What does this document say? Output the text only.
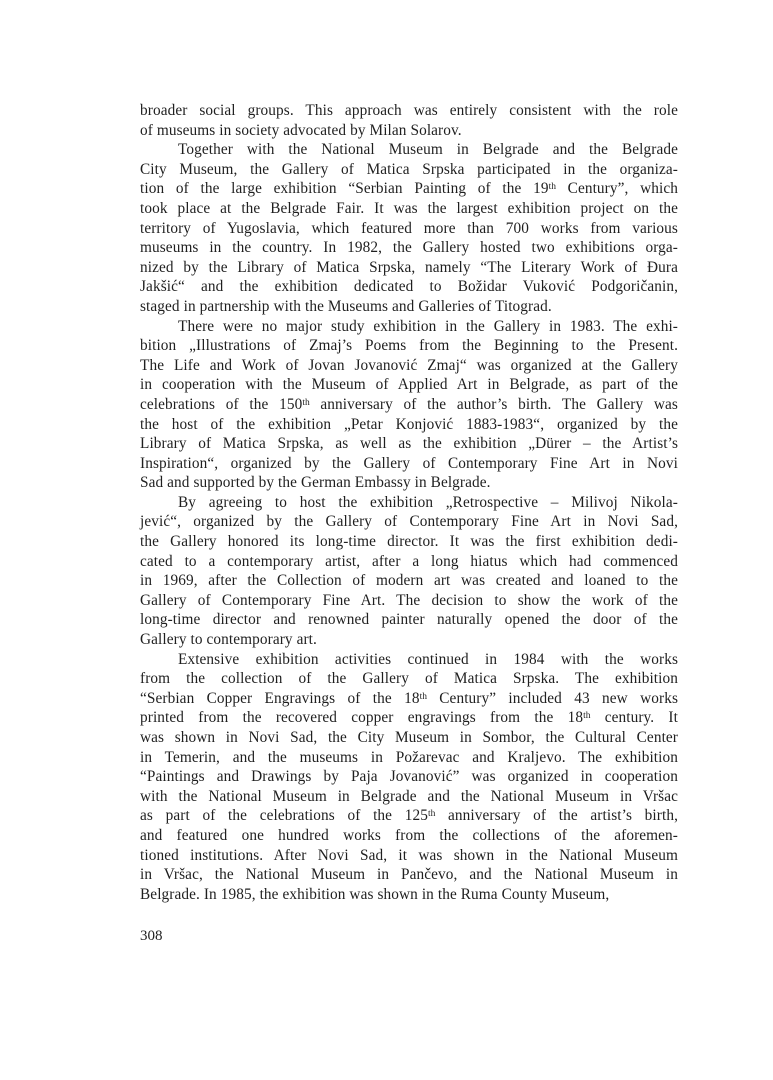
broader social groups. This approach was entirely consistent with the role
of museums in society advocated by Milan Solarov.
Together with the National Museum in Belgrade and the Belgrade
City Museum, the Gallery of Matica Srpska participated in the organiza-
tion of the large exhibition “Serbian Painting of the 19th Century”, which
took place at the Belgrade Fair. It was the largest exhibition project on the
territory of Yugoslavia, which featured more than 700 works from various
museums in the country. In 1982, the Gallery hosted two exhibitions orga-
nized by the Library of Matica Srpska, namely “The Literary Work of Đura
Jakšić“ and the exhibition dedicated to Božidar Vuković Podgoričanin,
staged in partnership with the Museums and Galleries of Titograd.
There were no major study exhibition in the Gallery in 1983. The exhi-
bition „Illustrations of Zmaj’s Poems from the Beginning to the Present.
The Life and Work of Jovan Jovanović Zmaj“ was organized at the Gallery
in cooperation with the Museum of Applied Art in Belgrade, as part of the
celebrations of the 150th anniversary of the author’s birth. The Gallery was
the host of the exhibition „Petar Konjović 1883-1983“, organized by the
Library of Matica Srpska, as well as the exhibition „Dürer – the Artist’s
Inspiration“, organized by the Gallery of Contemporary Fine Art in Novi
Sad and supported by the German Embassy in Belgrade.
By agreeing to host the exhibition „Retrospective – Milivoj Nikola-
jević“, organized by the Gallery of Contemporary Fine Art in Novi Sad,
the Gallery honored its long-time director. It was the first exhibition dedi-
cated to a contemporary artist, after a long hiatus which had commenced
in 1969, after the Collection of modern art was created and loaned to the
Gallery of Contemporary Fine Art. The decision to show the work of the
long-time director and renowned painter naturally opened the door of the
Gallery to contemporary art.
Extensive exhibition activities continued in 1984 with the works
from the collection of the Gallery of Matica Srpska. The exhibition
“Serbian Copper Engravings of the 18th Century” included 43 new works
printed from the recovered copper engravings from the 18th century. It
was shown in Novi Sad, the City Museum in Sombor, the Cultural Center
in Temerin, and the museums in Požarevac and Kraljevo. The exhibition
“Paintings and Drawings by Paja Jovanović” was organized in cooperation
with the National Museum in Belgrade and the National Museum in Vršac
as part of the celebrations of the 125th anniversary of the artist’s birth,
and featured one hundred works from the collections of the aforemen-
tioned institutions. After Novi Sad, it was shown in the National Museum
in Vršac, the National Museum in Pančevo, and the National Museum in
Belgrade. In 1985, the exhibition was shown in the Ruma County Museum,
308
